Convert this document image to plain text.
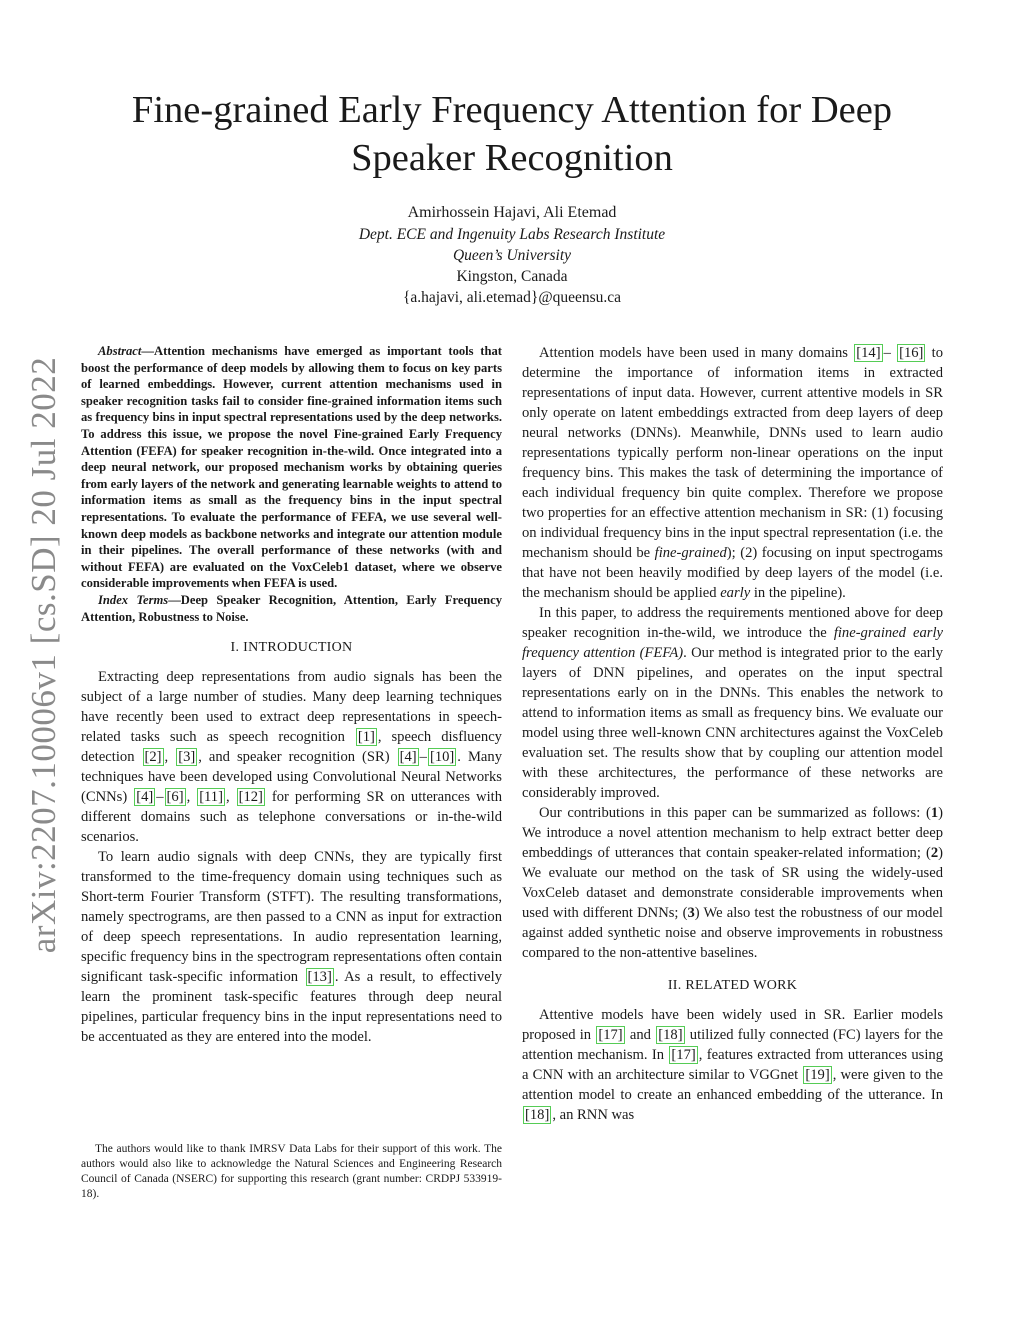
arXiv:2207.10006v1 [cs.SD] 20 Jul 2022
Fine-grained Early Frequency Attention for Deep Speaker Recognition
Amirhossein Hajavi, Ali Etemad
Dept. ECE and Ingenuity Labs Research Institute
Queen’s University
Kingston, Canada
{a.hajavi, ali.etemad}@queensu.ca

Abstract—Attention mechanisms have emerged as important tools that boost the performance of deep models by allowing them to focus on key parts of learned embeddings. However, current attention mechanisms used in speaker recognition tasks fail to consider fine-grained information items such as frequency bins in input spectral representations used by the deep networks. To address this issue, we propose the novel Fine-grained Early Frequency Attention (FEFA) for speaker recognition in-the-wild. Once integrated into a deep neural network, our proposed mechanism works by obtaining queries from early layers of the network and generating learnable weights to attend to information items as small as the frequency bins in the input spectral representations. To evaluate the performance of FEFA, we use several well-known deep models as backbone networks and integrate our attention module in their pipelines. The overall performance of these networks (with and without FEFA) are evaluated on the VoxCeleb1 dataset, where we observe considerable improvements when FEFA is used.

Index Terms—Deep Speaker Recognition, Attention, Early Frequency Attention, Robustness to Noise.

I. INTRODUCTION

Extracting deep representations from audio signals has been the subject of a large number of studies. Many deep learning techniques have recently been used to extract deep representations in speech-related tasks such as speech recognition [1] , speech disfluency detection [2] , [3] , and speaker recognition (SR) [4] – [10] . Many techniques have been developed using Convolutional Neural Networks (CNNs) [4] – [6] , [11] , [12] for performing SR on utterances with different domains such as telephone conversations or in-the-wild scenarios.

To learn audio signals with deep CNNs, they are typically first transformed to the time-frequency domain using techniques such as Short-term Fourier Transform (STFT). The resulting transformations, namely spectrograms, are then passed to a CNN as input for extraction of deep speech representations. In audio representation learning, specific frequency bins in the spectrogram representations often contain significant task-specific information [13] . As a result, to effectively learn the prominent task-specific features through deep neural pipelines, particular frequency bins in the input representations need to be accentuated as they are entered into the model.

The authors would like to thank IMRSV Data Labs for their support of this work. The authors would also like to acknowledge the Natural Sciences and Engineering Research Council of Canada (NSERC) for supporting this research (grant number: CRDPJ 533919-18).

Attention models have been used in many domains [14] – [16] to determine the importance of information items in extracted representations of input data. However, current attentive models in SR only operate on latent embeddings extracted from deep layers of deep neural networks (DNNs). Meanwhile, DNNs used to learn audio representations typically perform non-linear operations on the input frequency bins. This makes the task of determining the importance of each individual frequency bin quite complex. Therefore we propose two properties for an effective attention mechanism in SR: (1) focusing on individual frequency bins in the input spectral representation (i.e. the mechanism should be fine-grained); (2) focusing on input spectrogams that have not been heavily modified by deep layers of the model (i.e. the mechanism should be applied early in the pipeline).

In this paper, to address the requirements mentioned above for deep speaker recognition in-the-wild, we introduce the fine-grained early frequency attention (FEFA). Our method is integrated prior to the early layers of DNN pipelines, and operates on the input spectral representations early on in the DNNs. This enables the network to attend to information items as small as frequency bins. We evaluate our model using three well-known CNN architectures against the VoxCeleb evaluation set. The results show that by coupling our attention model with these architectures, the performance of these networks are considerably improved.

Our contributions in this paper can be summarized as follows: (1) We introduce a novel attention mechanism to help extract better deep embeddings of utterances that contain speaker-related information; (2) We evaluate our method on the task of SR using the widely-used VoxCeleb dataset and demonstrate considerable improvements when used with different DNNs; (3) We also test the robustness of our model against added synthetic noise and observe improvements in robustness compared to the non-attentive baselines.

II. RELATED WORK

Attentive models have been widely used in SR. Earlier models proposed in [17] and [18] utilized fully connected (FC) layers for the attention mechanism. In [17] , features extracted from utterances using a CNN with an architecture similar to VGGnet [19] , were given to the attention model to create an enhanced embedding of the utterance. In [18] , an RNN was
